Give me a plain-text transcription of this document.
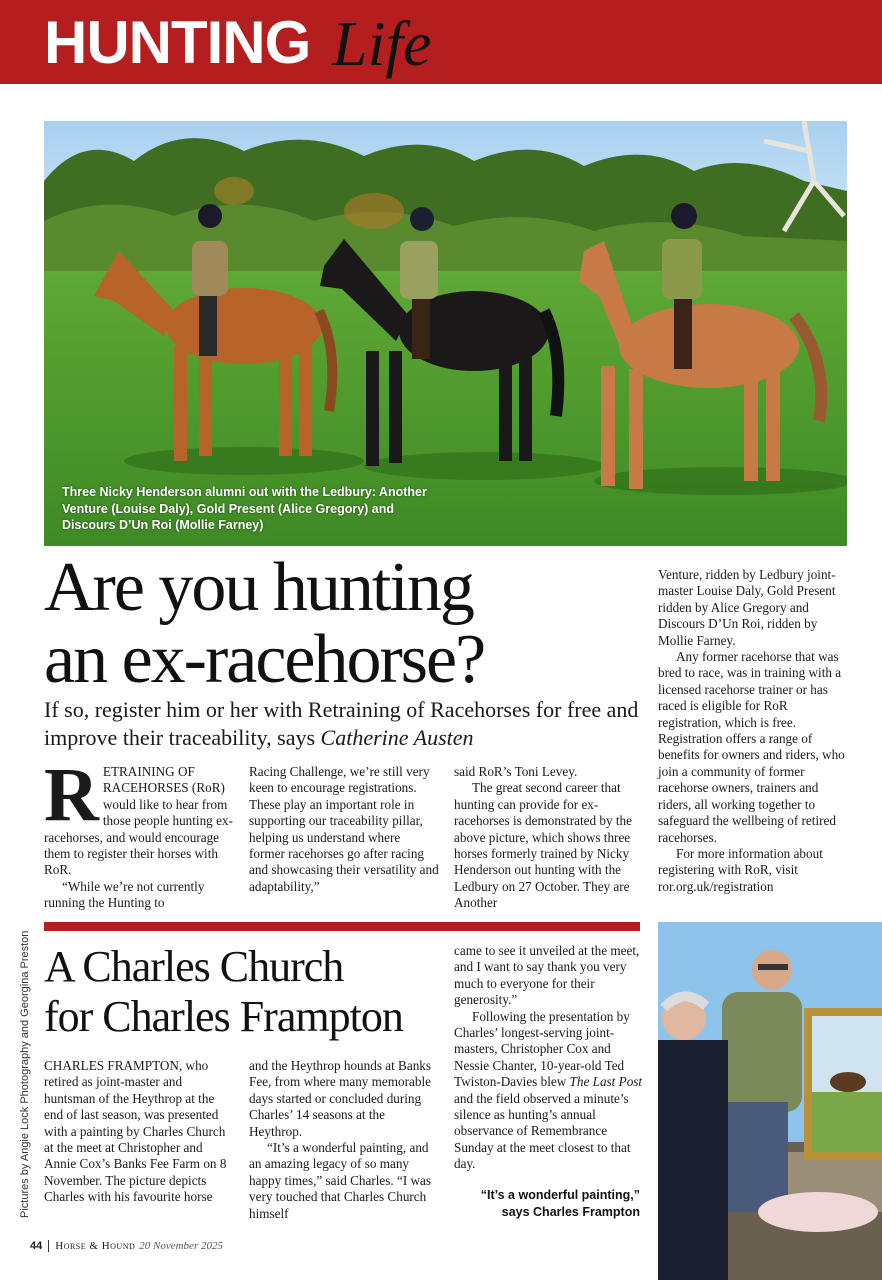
HUNTING Life
Three Nicky Henderson alumni out with the Ledbury: Another Venture (Louise Daly), Gold Present (Alice Gregory) and Discours D’Un Roi (Mollie Farney)
Are you hunting
an ex-racehorse?
If so, register him or her with Retraining of Racehorses for free and improve their traceability, says Catherine Austen

RETRAINING OF RACEHORSES (RoR) would like to hear from those people hunting ex-racehorses, and would encourage them to register their horses with RoR.

“While we’re not currently running the Hunting to

Racing Challenge, we’re still very keen to encourage registrations. These play an important role in supporting our traceability pillar, helping us understand where former racehorses go after racing and showcasing their versatility and adaptability,”

said RoR’s Toni Levey.

The great second career that hunting can provide for ex-racehorses is demonstrated by the above picture, which shows three horses formerly trained by Nicky Henderson out hunting with the Ledbury on 27 October. They are Another

Venture, ridden by Ledbury joint-master Louise Daly, Gold Present ridden by Alice Gregory and Discours D’Un Roi, ridden by Mollie Farney.

Any former racehorse that was bred to race, was in training with a licensed racehorse trainer or has raced is eligible for RoR registration, which is free. Registration offers a range of benefits for owners and riders, who join a community of former racehorse owners, trainers and riders, all working together to safeguard the wellbeing of retired racehorses.

For more information about registering with RoR, visit ror.org.uk/registration

A Charles Church
for Charles Frampton

CHARLES FRAMPTON, who retired as joint-master and huntsman of the Heythrop at the end of last season, was presented with a painting by Charles Church at the meet at Christopher and Annie Cox’s Banks Fee Farm on 8 November. The picture depicts Charles with his favourite horse

and the Heythrop hounds at Banks Fee, from where many memorable days started or concluded during Charles’ 14 seasons at the Heythrop.

“It’s a wonderful painting, and an amazing legacy of so many happy times,” said Charles. “I was very touched that Charles Church himself

came to see it unveiled at the meet, and I want to say thank you very much to everyone for their generosity.”

Following the presentation by Charles’ longest-serving joint-masters, Christopher Cox and Nessie Chanter, 10-year-old Ted Twiston-Davies blew The Last Post and the field observed a minute’s silence as hunting’s annual observance of Remembrance Sunday at the meet closest to that day.

“It’s a wonderful painting,” says Charles Frampton
Pictures by Angie Lock Photography and Georgina Preston
44	Horse & Hound 20 November 2025
